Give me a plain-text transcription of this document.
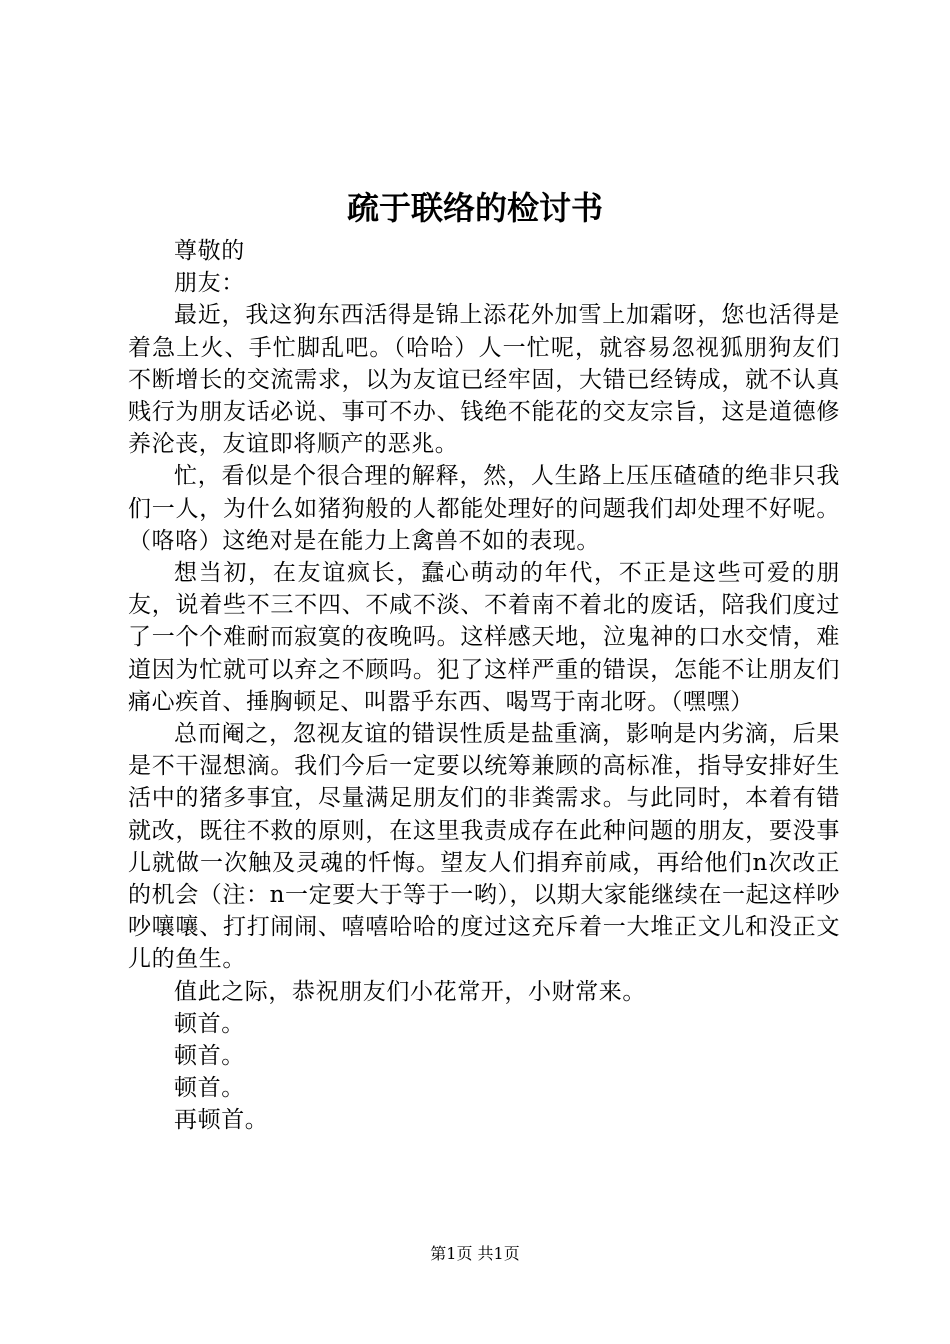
疏于联络的检讨书

尊敬的

朋友：

最近，我这狗东西活得是锦上添花外加雪上加霜呀，您也活得是着急上火、手忙脚乱吧。（哈哈）人一忙呢，就容易忽视狐朋狗友们不断增长的交流需求，以为友谊已经牢固，大错已经铸成，就不认真贱行为朋友话必说、事可不办、钱绝不能花的交友宗旨，这是道德修养沦丧，友谊即将顺产的恶兆。

忙，看似是个很合理的解释，然，人生路上压压碴碴的绝非只我们一人，为什么如猪狗般的人都能处理好的问题我们却处理不好呢。（咯咯）这绝对是在能力上禽兽不如的表现。

想当初，在友谊疯长，蠢心萌动的年代，不正是这些可爱的朋友，说着些不三不四、不咸不淡、不着南不着北的废话，陪我们度过了一个个难耐而寂寞的夜晚吗。这样感天地，泣鬼神的口水交情，难道因为忙就可以弃之不顾吗。犯了这样严重的错误，怎能不让朋友们痛心疾首、捶胸顿足、叫嚣乎东西、喝骂于南北呀。（嘿嘿）

总而阉之，忽视友谊的错误性质是盐重滴，影响是内劣滴，后果是不干湿想滴。我们今后一定要以统筹兼顾的高标准，指导安排好生活中的猪多事宜，尽量满足朋友们的非粪需求。与此同时，本着有错就改，既往不救的原则，在这里我责成存在此种问题的朋友，要没事儿就做一次触及灵魂的忏悔。望友人们捐弃前咸，再给他们n次改正的机会（注：n一定要大于等于一哟），以期大家能继续在一起这样吵吵嚷嚷、打打闹闹、嘻嘻哈哈的度过这充斥着一大堆正文儿和没正文儿的鱼生。

值此之际，恭祝朋友们小花常开，小财常来。

顿首。

顿首。

顿首。

再顿首。

第1页 共1页
